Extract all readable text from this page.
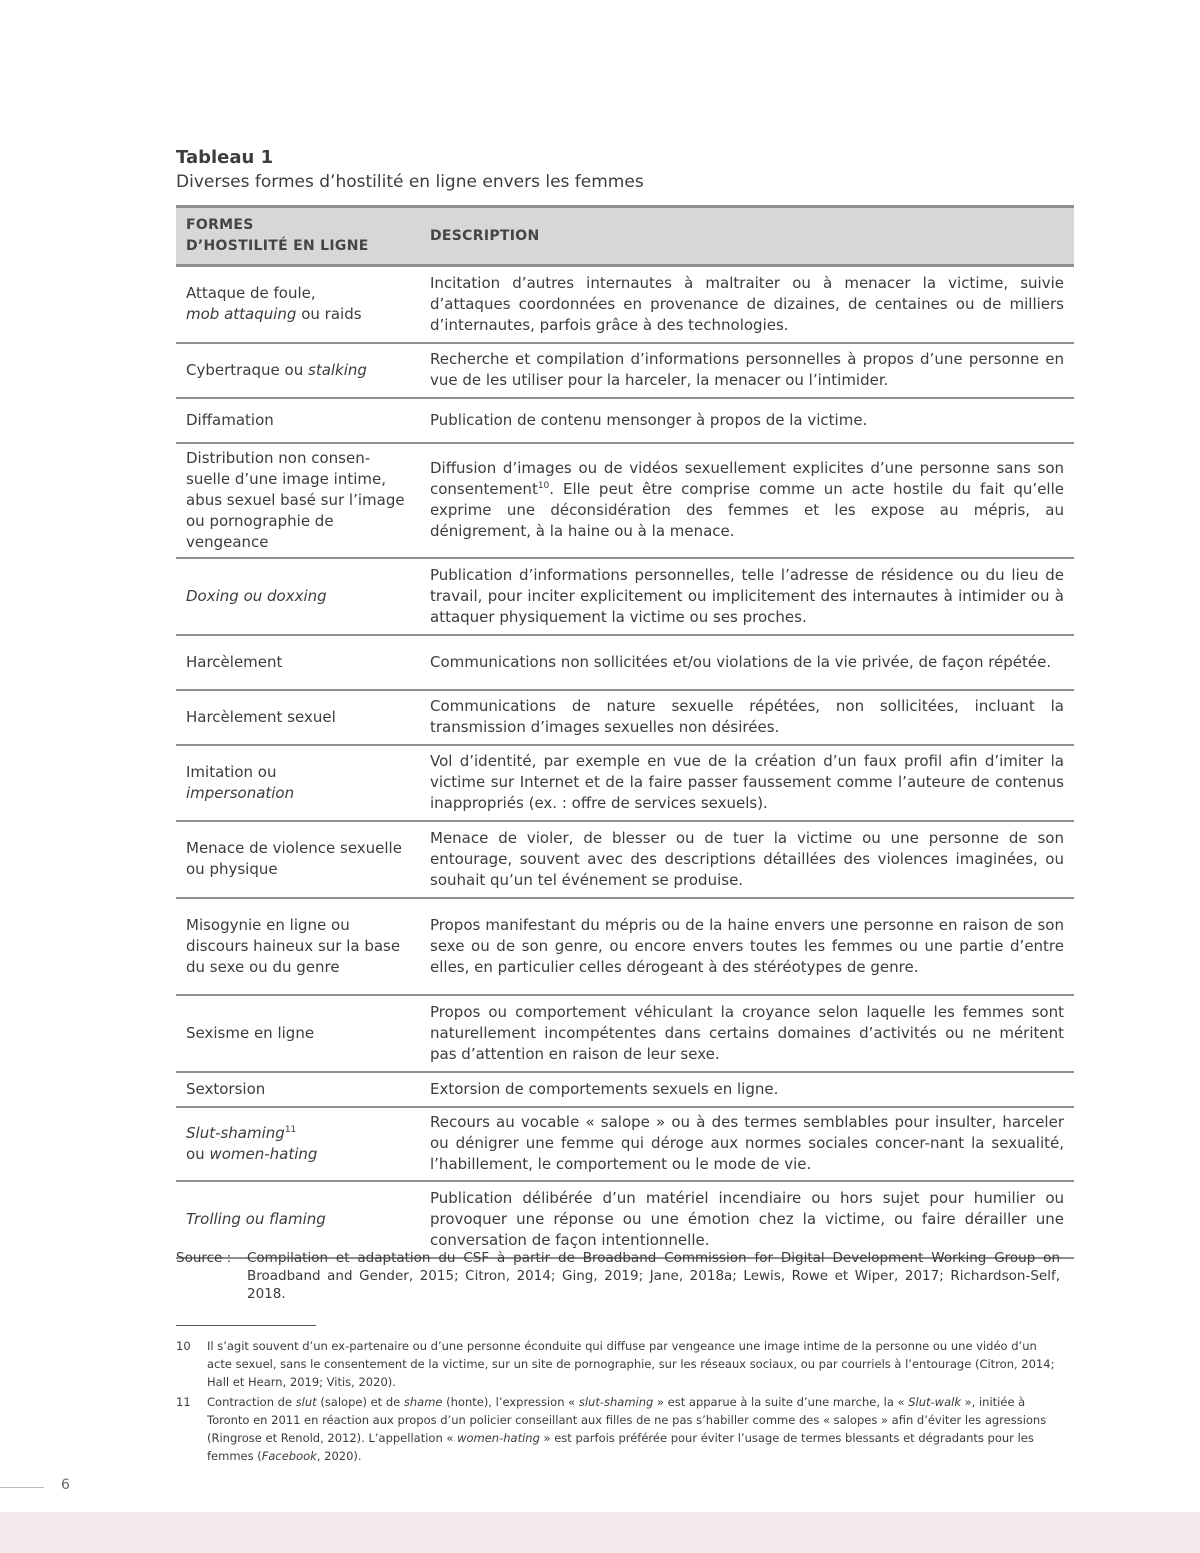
Tableau 1
Diverses formes d’hostilité en ligne envers les femmes
FORMES
D’HOSTILITÉ EN LIGNE	DESCRIPTION
Attaque de foule,
mob attaquing ou raids	Incitation d’autres internautes à maltraiter ou à menacer la victime, suivie d’attaques coordonnées en provenance de dizaines, de centaines ou de milliers d’internautes, parfois grâce à des technologies.
Cybertraque ou stalking	Recherche et compilation d’informations personnelles à propos d’une personne en vue de les utiliser pour la harceler, la menacer ou l’intimider.
Diffamation	Publication de contenu mensonger à propos de la victime.
Distribution non consen-suelle d’une image intime, abus sexuel basé sur l’image ou pornographie de vengeance	Diffusion d’images ou de vidéos sexuellement explicites d’une personne sans son consentement$^{10}$. Elle peut être comprise comme un acte hostile du fait qu’elle exprime une déconsidération des femmes et les expose au mépris, au dénigrement, à la haine ou à la menace.
Doxing ou doxxing	Publication d’informations personnelles, telle l’adresse de résidence ou du lieu de travail, pour inciter explicitement ou implicitement des internautes à intimider ou à attaquer physiquement la victime ou ses proches.
Harcèlement	Communications non sollicitées et/ou violations de la vie privée, de façon répétée.
Harcèlement sexuel	Communications de nature sexuelle répétées, non sollicitées, incluant la transmission d’images sexuelles non désirées.
Imitation ou
impersonation	Vol d’identité, par exemple en vue de la création d’un faux profil afin d’imiter la victime sur Internet et de la faire passer faussement comme l’auteure de contenus inappropriés (ex. : offre de services sexuels).
Menace de violence sexuelle ou physique	Menace de violer, de blesser ou de tuer la victime ou une personne de son entourage, souvent avec des descriptions détaillées des violences imaginées, ou souhait qu’un tel événement se produise.
Misogynie en ligne ou discours haineux sur la base du sexe ou du genre	Propos manifestant du mépris ou de la haine envers une personne en raison de son sexe ou de son genre, ou encore envers toutes les femmes ou une partie d’entre elles, en particulier celles dérogeant à des stéréotypes de genre.
Sexisme en ligne	Propos ou comportement véhiculant la croyance selon laquelle les femmes sont naturellement incompétentes dans certains domaines d’activités ou ne méritent pas d’attention en raison de leur sexe.
Sextorsion	Extorsion de comportements sexuels en ligne.
Slut-shaming$^{11}$
ou women-hating	Recours au vocable « salope » ou à des termes semblables pour insulter, harceler ou dénigrer une femme qui déroge aux normes sociales concer-nant la sexualité, l’habillement, le comportement ou le mode de vie.
Trolling ou flaming	Publication délibérée d’un matériel incendiaire ou hors sujet pour humilier ou provoquer une réponse ou une émotion chez la victime, ou faire dérailler une conversation de façon intentionnelle.
Source :	Compilation et adaptation du CSF à partir de Broadband Commission for Digital Development Working Group on Broadband and Gender, 2015; Citron, 2014; Ging, 2019; Jane, 2018a; Lewis, Rowe et Wiper, 2017; Richardson-Self, 2018.
10	Il s’agit souvent d’un ex-partenaire ou d’une personne éconduite qui diffuse par vengeance une image intime de la personne ou une vidéo d’un acte sexuel, sans le consentement de la victime, sur un site de pornographie, sur les réseaux sociaux, ou par courriels à l’entourage (Citron, 2014; Hall et Hearn, 2019; Vitis, 2020).
11	Contraction de slut (salope) et de shame (honte), l’expression « slut-shaming » est apparue à la suite d’une marche, la « Slut-walk », initiée à Toronto en 2011 en réaction aux propos d’un policier conseillant aux filles de ne pas s’habiller comme des « salopes » afin d’éviter les agressions (Ringrose et Renold, 2012). L’appellation « women-hating » est parfois préférée pour éviter l’usage de termes blessants et dégradants pour les femmes (Facebook, 2020).
6
